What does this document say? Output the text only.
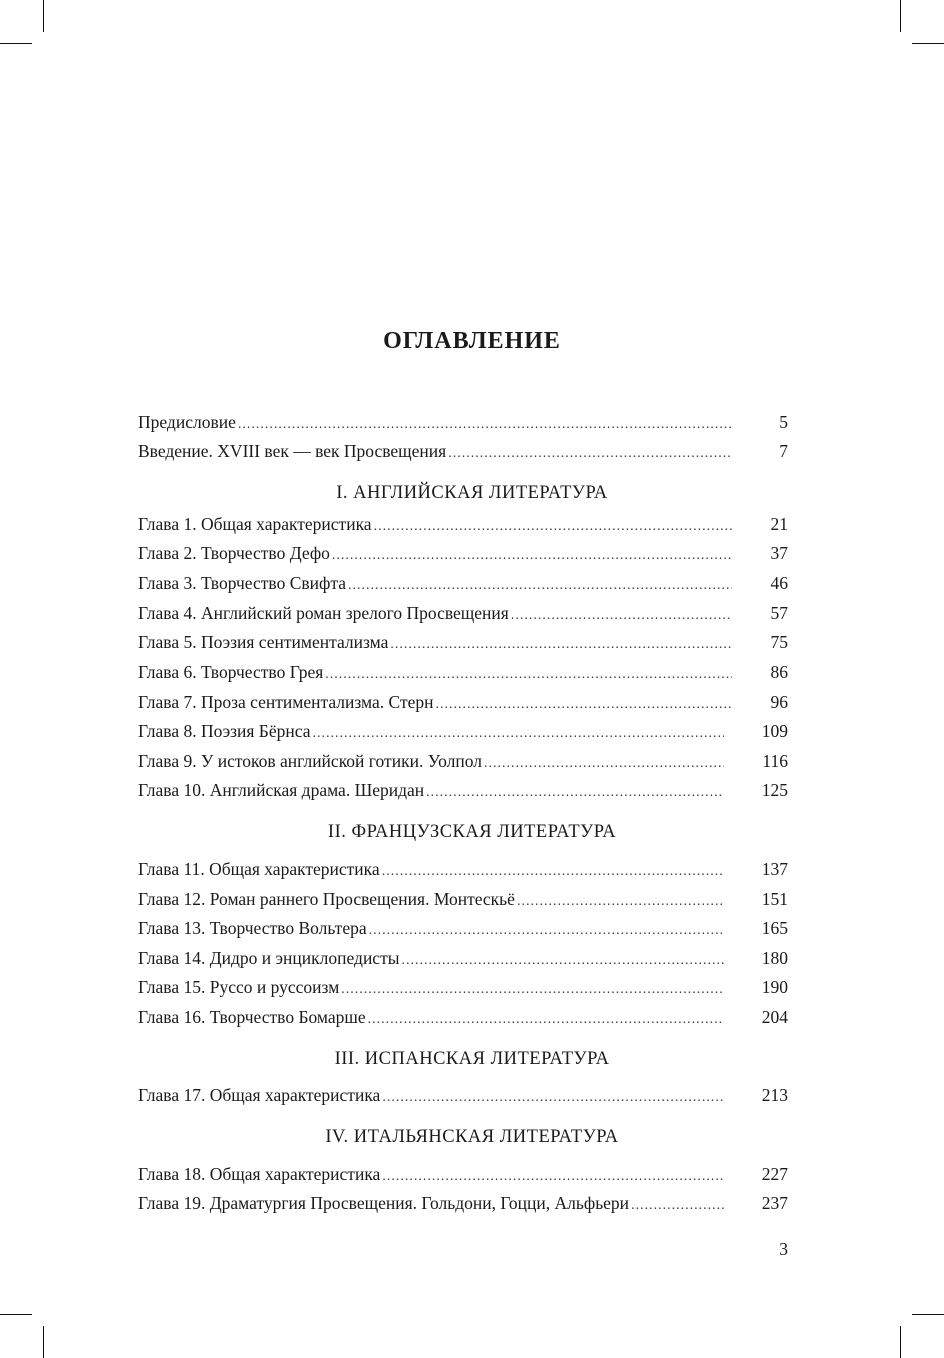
ОГЛАВЛЕНИЕ
Предисловие .....	5
Введение. XVIII век — век Просвещения .....	7
Глава 1. Общая характеристика .....	21
Глава 2. Творчество Дефо .....	37
Глава 3. Творчество Свифта .....	46
Глава 4. Английский роман зрелого Просвещения .....	57
Глава 5. Поэзия сентиментализма .....	75
Глава 6. Творчество Грея .....	86
Глава 7. Проза сентиментализма. Стерн .....	96
Глава 8. Поэзия Бёрнса .....	109
Глава 9. У истоков английской готики. Уолпол .....	116
Глава 10. Английская драма. Шеридан .....	125
Глава 11. Общая характеристика .....	137
Глава 12. Роман раннего Просвещения. Монтескьё .....	151
Глава 13. Творчество Вольтера .....	165
Глава 14. Дидро и энциклопедисты .....	180
Глава 15. Руссо и руссоизм .....	190
Глава 16. Творчество Бомарше .....	204
Глава 17. Общая характеристика .....	213
Глава 18. Общая характеристика .....	227
Глава 19. Драматургия Просвещения. Гольдони, Гоцци, Альфьери .....	237
I. АНГЛИЙСКАЯ ЛИТЕРАТУРА
II. ФРАНЦУЗСКАЯ ЛИТЕРАТУРА
III. ИСПАНСКАЯ ЛИТЕРАТУРА
IV. ИТАЛЬЯНСКАЯ ЛИТЕРАТУРА
3
